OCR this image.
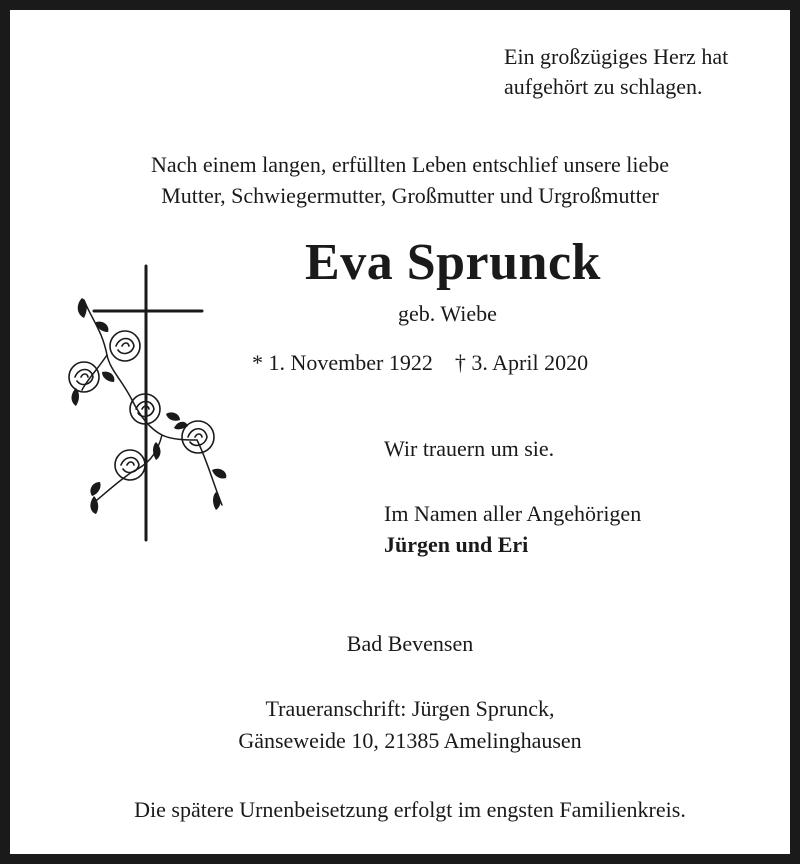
Ein großzügiges Herz hat
aufgehört zu schlagen.
Nach einem langen, erfüllten Leben entschlief unsere liebe
Mutter, Schwiegermutter, Großmutter und Urgroßmutter
Eva Sprunck
geb. Wiebe
* 1. November 1922 † 3. April 2020
Wir trauern um sie.
Im Namen aller Angehörigen
Jürgen und Eri
Bad Bevensen
Traueranschrift: Jürgen Sprunck,
Gänseweide 10, 21385 Amelinghausen
Die spätere Urnenbeisetzung erfolgt im engsten Familienkreis.
